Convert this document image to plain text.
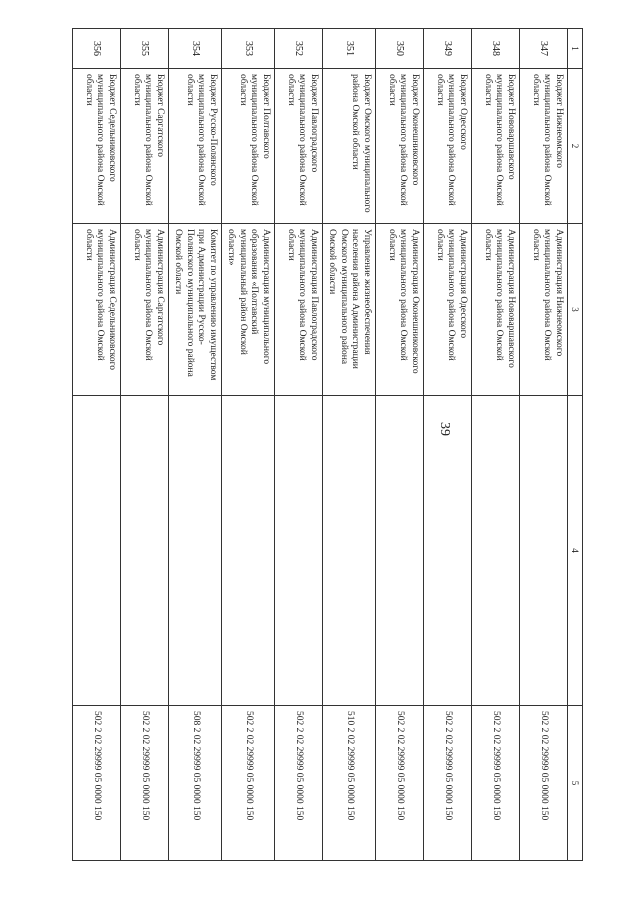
39
1	2	3	4	5
347	Бюджет Нижнеомского муниципального района Омской области	Администрация Нижнеомского муниципального района Омской области		502 2 02 29999 05 0000 150
348	Бюджет Нововаршавского муниципального района Омской области	Администрация Нововаршавского муниципального района Омской области		502 2 02 29999 05 0000 150
349	Бюджет Одесского муниципального района Омской области	Администрация Одесского муниципального района Омской области		502 2 02 29999 05 0000 150
350	Бюджет Оконешниковского муниципального района Омской области	Администрация Оконешниковского муниципального района Омской области		502 2 02 29999 05 0000 150
351	Бюджет Омского муниципального района Омской области	Управление жизнеобеспечения населения района Администрации Омского муниципального района Омской области		510 2 02 29999 05 0000 150
352	Бюджет Павлоградского муниципального района Омской области	Администрация Павлоградского муниципального района Омской области		502 2 02 29999 05 0000 150
353	Бюджет Полтавского муниципального района Омской области	Администрация муниципального образования «Полтавский муниципальный район Омской области»		502 2 02 29999 05 0000 150
354	Бюджет Русско-Полянского муниципального района Омской области	Комитет по управлению имуществом при Администрации Русско-Полянского муниципального района Омской области		508 2 02 29999 05 0000 150
355	Бюджет Саргатского муниципального района Омской области	Администрация Саргатского муниципального района Омской области		502 2 02 29999 05 0000 150
356	Бюджет Седельниковского муниципального района Омской области	Администрация Седельниковского муниципального района Омской области		502 2 02 29999 05 0000 150
